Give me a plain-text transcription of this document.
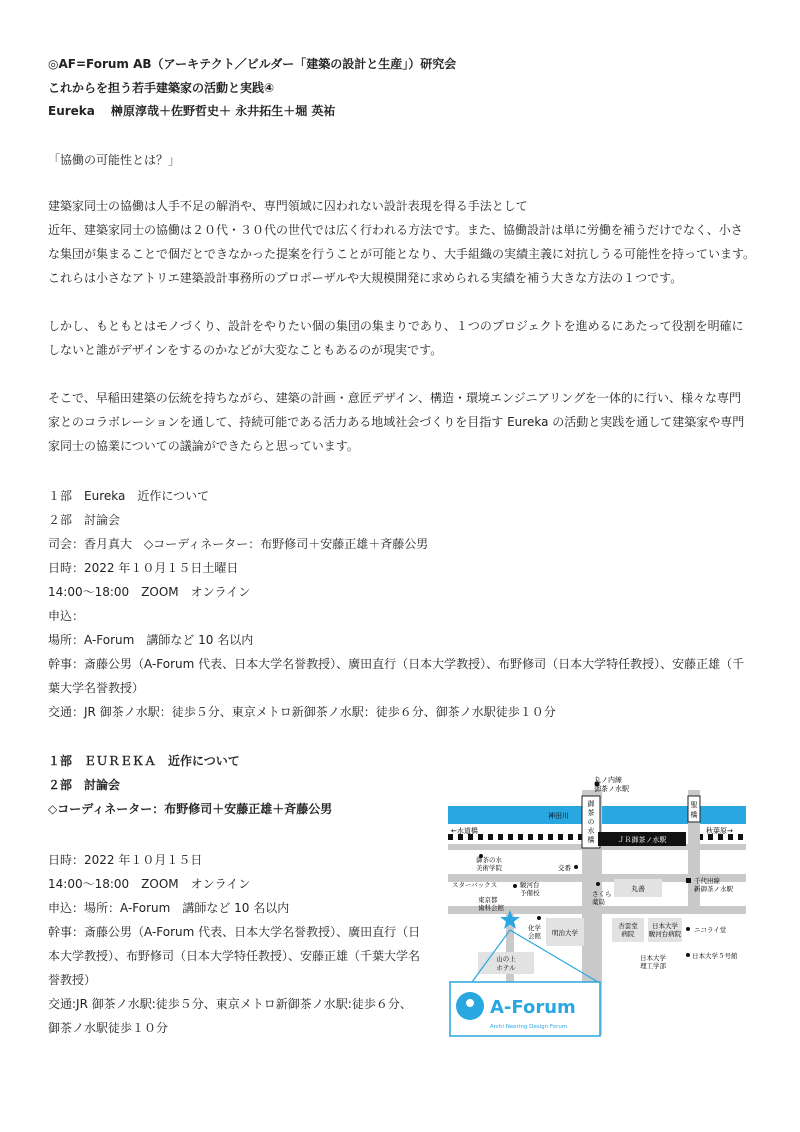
◎AF=Forum AB（アーキテクト／ビルダー「建築の設計と生産」）研究会
これからを担う若手建築家の活動と実践④
Eureka　 榊原淳哉＋佐野哲史＋ 永井拓生＋堀 英祐
「協働の可能性とは？」
建築家同士の協働は人手不足の解消や、専門領域に囚われない設計表現を得る手法として
近年、建築家同士の協働は２０代・３０代の世代では広く行われる方法です。また、協働設計は単に労働を補うだけでなく、小さ
な集団が集まることで個だとできなかった提案を行うことが可能となり、大手組織の実績主義に対抗しうる可能性を持っています。
これらは小さなアトリエ建築設計事務所のプロポーザルや大規模開発に求められる実績を補う大きな方法の１つです。
しかし、もともとはモノづくり、設計をやりたい個の集団の集まりであり、１つのプロジェクトを進めるにあたって役割を明確に
しないと誰がデザインをするのかなどが大変なこともあるのが現実です。
そこで、早稲田建築の伝統を持ちながら、建築の計画・意匠デザイン、構造・環境エンジニアリングを一体的に行い、様々な専門
家とのコラボレーションを通して、持続可能である活力ある地域社会づくりを目指す Eureka の活動と実践を通して建築家や専門
家同士の協業についての議論ができたらと思っています。
１部　Eureka　近作について
２部　討論会
司会：香月真大　◇コーディネーター：布野修司＋安藤正雄＋斉藤公男
日時：2022 年１０月１５日土曜日
14:00〜18:00　ZOOM　オンライン
申込：
場所：A-Forum　講師など 10 名以内
幹事：斎藤公男（A-Forum 代表、日本大学名誉教授）、廣田直行（日本大学教授）、布野修司（日本大学特任教授）、安藤正雄（千
葉大学名誉教授）
交通：JR 御茶ノ水駅：徒歩５分、東京メトロ新御茶ノ水駅：徒歩６分、御茶ノ水駅徒歩１０分
１部　ＥＵＲＥＫＡ　近作について
２部　討論会
◇コーディネーター：布野修司＋安藤正雄＋斉藤公男
日時：2022 年１０月１５日
14:00〜18:00　ZOOM　オンライン
申込：場所：A-Forum　講師など 10 名以内
幹事：斎藤公男（A-Forum 代表、日本大学名誉教授）、廣田直行（日
本大学教授）、布野修司（日本大学特任教授）、安藤正雄（千葉大学名
誉教授）
交通:JR 御茶ノ水駅:徒歩５分、東京メトロ新御茶ノ水駅:徒歩６分、
御茶ノ水駅徒歩１０分
御
茶
の
水
橋
聖
橋
丸ノ内線
御茶ノ水駅
神田川
←水道橋	秋葉原→
ＪＲ御茶ノ水駅
御茶の水
美術学院	交番
スターバックス	駿河台
予備校
東京都
歯科会館
さくら
薬局
丸善
千代田線
新御茶ノ水駅
化学
会館 明治大学
杏雲堂
病院
日本大学
駿河台病院 ニコライ堂
日本大学５号館
日本大学
理工学部
山の上
ホテル
A-Forum
Archi Neering Design Forum
